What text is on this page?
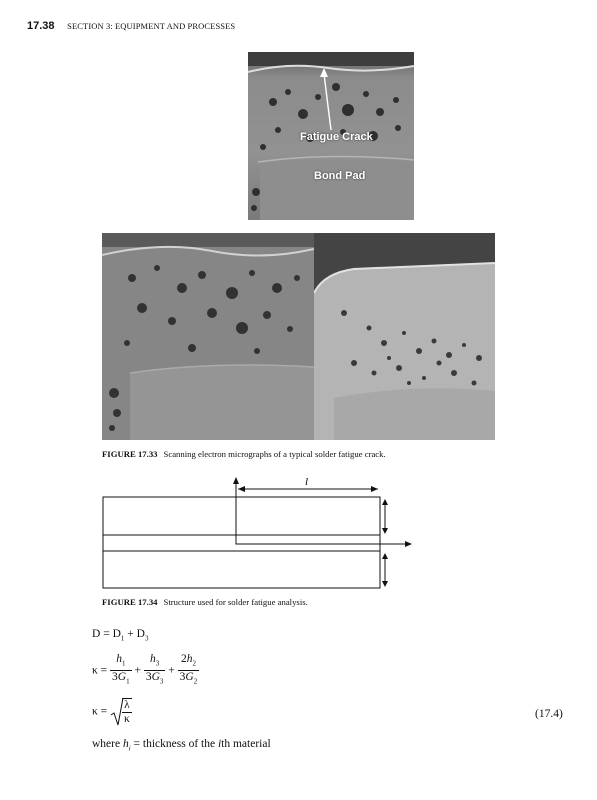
17.38 SECTION 3: EQUIPMENT AND PROCESSES
Fatigue Crack
Bond Pad
FIGURE 17.33 Scanning electron micrographs of a typical solder fatigue crack.
l
FIGURE 17.34 Structure used for solder fatigue analysis.
$D = D_1 + D_3$
$\kappa = \frac{h_1}{3G_1} + \frac{h_3}{3G_3} + \frac{2h_2}{3G_2}$
$\kappa = \frac{\lambda}{\kappa}$	(17.4)
where $h_i$ = thickness of the ith material
